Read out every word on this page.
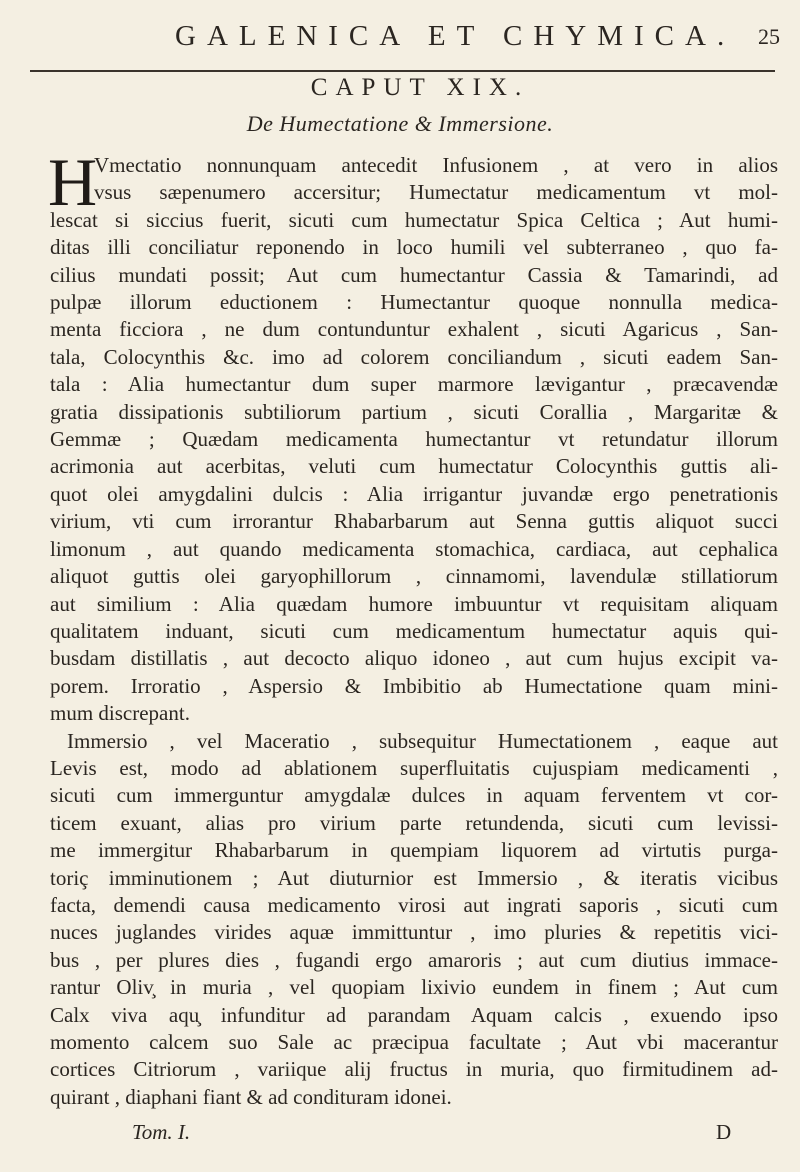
GALENICA ET CHYMICA. 25
CAPUT XIX.
De Humectatione & Immersione.
H
Vmectatio nonnunquam antecedit Infusionem , at vero in alios
vsus sæpenumero accersitur; Humectatur medicamentum vt mol-
lescat si siccius fuerit, sicuti cum humectatur Spica Celtica ; Aut humi-
ditas illi conciliatur reponendo in loco humili vel subterraneo , quo fa-
cilius mundati possit; Aut cum humectantur Cassia & Tamarindi, ad
pulpæ illorum eductionem : Humectantur quoque nonnulla medica-
menta ficciora , ne dum contunduntur exhalent , sicuti Agaricus , San-
tala, Colocynthis &c. imo ad colorem conciliandum , sicuti eadem San-
tala : Alia humectantur dum super marmore lævigantur , præcavendæ
gratia dissipationis subtiliorum partium , sicuti Corallia , Margaritæ &
Gemmæ ; Quædam medicamenta humectantur vt retundatur illorum
acrimonia aut acerbitas, veluti cum humectatur Colocynthis guttis ali-
quot olei amygdalini dulcis : Alia irrigantur juvandæ ergo penetrationis
virium, vti cum irrorantur Rhabarbarum aut Senna guttis aliquot succi
limonum , aut quando medicamenta stomachica, cardiaca, aut cephalica
aliquot guttis olei garyophillorum , cinnamomi, lavendulæ stillatiorum
aut similium : Alia quædam humore imbuuntur vt requisitam aliquam
qualitatem induant, sicuti cum medicamentum humectatur aquis qui-
busdam distillatis , aut decocto aliquo idoneo , aut cum hujus excipit va-
porem. Irroratio , Aspersio & Imbibitio ab Humectatione quam mini-
mum discrepant.
Immersio , vel Maceratio , subsequitur Humectationem , eaque aut
Levis est, modo ad ablationem superfluitatis cujuspiam medicamenti ,
sicuti cum immerguntur amygdalæ dulces in aquam ferventem vt cor-
ticem exuant, alias pro virium parte retundenda, sicuti cum levissi-
me immergitur Rhabarbarum in quempiam liquorem ad virtutis purga-
toriç imminutionem ; Aut diuturnior est Immersio , & iteratis vicibus
facta, demendi causa medicamento virosi aut ingrati saporis , sicuti cum
nuces juglandes virides aquæ immittuntur , imo pluries & repetitis vici-
bus , per plures dies , fugandi ergo amaroris ; aut cum diutius immace-
rantur Oliv̧ in muria , vel quopiam lixivio eundem in finem ; Aut cum
Calx viva aqu̧ infunditur ad parandam Aquam calcis , exuendo ipso
momento calcem suo Sale ac præcipua facultate ; Aut vbi macerantur
cortices Citriorum , variique alij fructus in muria, quo firmitudinem ad-
quirant , diaphani fiant & ad condituram idonei.
Tom. I.	D
